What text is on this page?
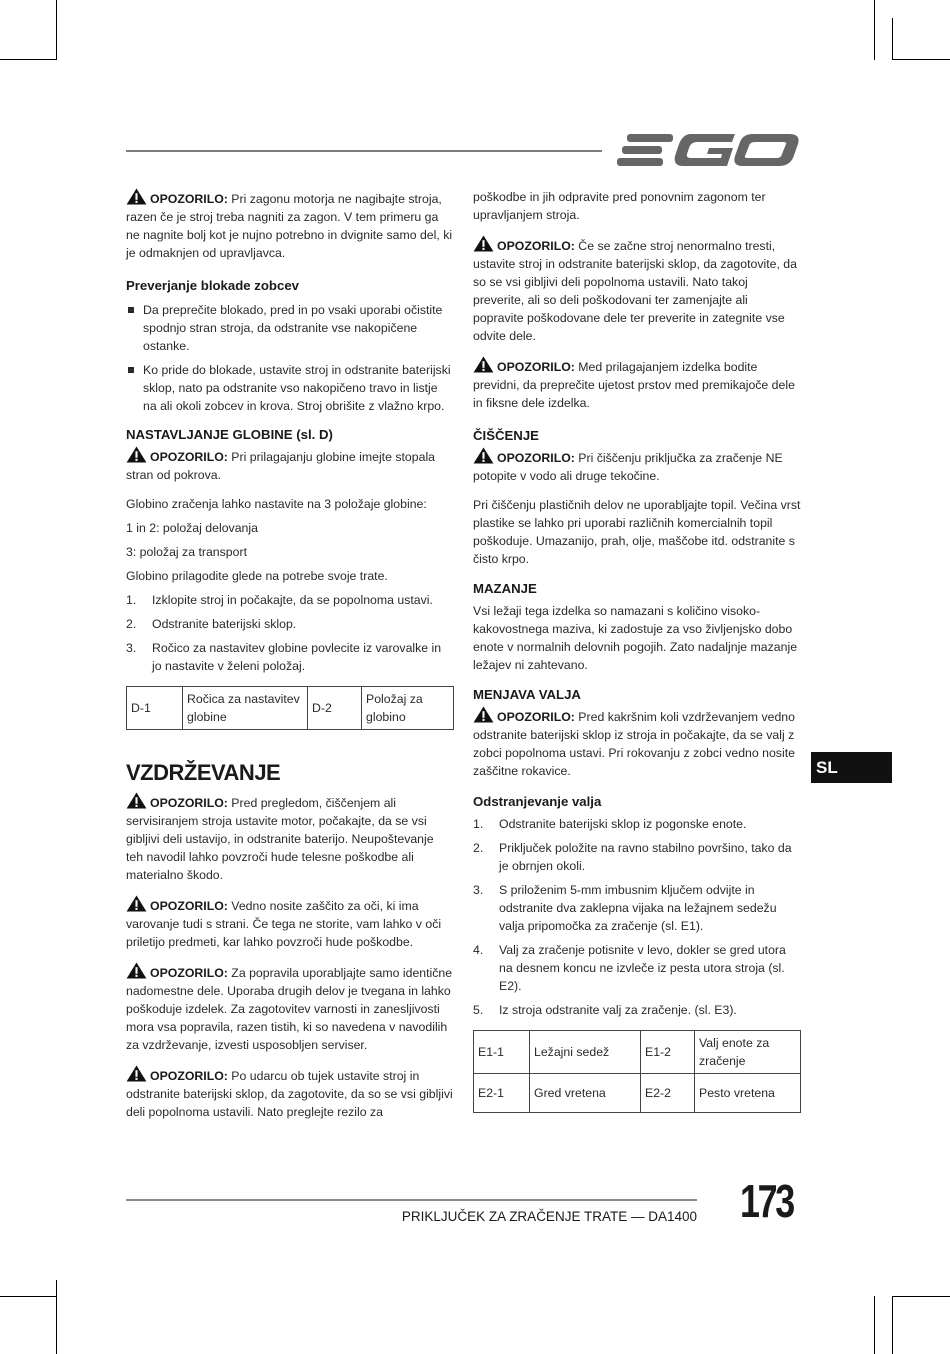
OPOZORILO: Pri zagonu motorja ne nagibajte stroja, razen če je stroj treba nagniti za zagon. V tem primeru ga ne nagnite bolj kot je nujno potrebno in dvignite samo del, ki je odmaknjen od upravljavca.

Preverjanje blokade zobcev
Da preprečite blokado, pred in po vsaki uporabi očistite spodnjo stran stroja, da odstranite vse nakopičene ostanke.
Ko pride do blokade, ustavite stroj in odstranite baterijski sklop, nato pa odstranite vso nakopičeno travo in listje na ali okoli zobcev in krova. Stroj obrišite z vlažno krpo.
NASTAVLJANJE GLOBINE (sl. D)

OPOZORILO: Pri prilagajanju globine imejte stopala stran od pokrova.

Globino zračenja lahko nastavite na 3 položaje globine:

1 in 2: položaj delovanja

3: položaj za transport

Globino prilagodite glede na potrebe svoje trate.

1. Izklopite stroj in počakajte, da se popolnoma ustavi.
2. Odstranite baterijski sklop.
3. Ročico za nastavitev globine povlecite iz varovalke in jo nastavite v želeni položaj.
D-1	Ročica za nastavitev globine	D-2	Položaj za globino
VZDRŽEVANJE

OPOZORILO: Pred pregledom, čiščenjem ali servisiranjem stroja ustavite motor, počakajte, da se vsi gibljivi deli ustavijo, in odstranite baterijo. Neupoštevanje teh navodil lahko povzroči hude telesne poškodbe ali materialno škodo.

OPOZORILO: Vedno nosite zaščito za oči, ki ima varovanje tudi s strani. Če tega ne storite, vam lahko v oči priletijo predmeti, kar lahko povzroči hude poškodbe.

OPOZORILO: Za popravila uporabljajte samo identične nadomestne dele. Uporaba drugih delov je tvegana in lahko poškoduje izdelek. Za zagotovitev varnosti in zanesljivosti mora vsa popravila, razen tistih, ki so navedena v navodilih za vzdrževanje, izvesti usposobljen serviser.

OPOZORILO: Po udarcu ob tujek ustavite stroj in odstranite baterijski sklop, da zagotovite, da so se vsi gibljivi deli popolnoma ustavili. Nato preglejte rezilo za

poškodbe in jih odpravite pred ponovnim zagonom ter upravljanjem stroja.

OPOZORILO: Če se začne stroj nenormalno tresti, ustavite stroj in odstranite baterijski sklop, da zagotovite, da so se vsi gibljivi deli popolnoma ustavili. Nato takoj preverite, ali so deli poškodovani ter zamenjajte ali popravite poškodovane dele ter preverite in zategnite vse odvite dele.

OPOZORILO: Med prilagajanjem izdelka bodite previdni, da preprečite ujetost prstov med premikajoče dele in fiksne dele izdelka.

ČIŠČENJE

OPOZORILO: Pri čiščenju priključka za zračenje NE potopite v vodo ali druge tekočine.

Pri čiščenju plastičnih delov ne uporabljajte topil. Večina vrst plastike se lahko pri uporabi različnih komercialnih topil poškoduje. Umazanijo, prah, olje, maščobe itd. odstranite s čisto krpo.

MAZANJE

Vsi ležaji tega izdelka so namazani s količino visoko-kakovostnega maziva, ki zadostuje za vso življenjsko dobo enote v normalnih delovnih pogojih. Zato nadaljnje mazanje ležajev ni zahtevano.

MENJAVA VALJA

OPOZORILO: Pred kakršnim koli vzdrževanjem vedno odstranite baterijski sklop iz stroja in počakajte, da se valj z zobci popolnoma ustavi. Pri rokovanju z zobci vedno nosite zaščitne rokavice.

Odstranjevanje valja
1. Odstranite baterijski sklop iz pogonske enote.
2. Priključek položite na ravno stabilno površino, tako da je obrnjen okoli.
3. S priloženim 5-mm imbusnim ključem odvijte in odstranite dva zaklepna vijaka na ležajnem sedežu valja pripomočka za zračenje (sl. E1).
4. Valj za zračenje potisnite v levo, dokler se gred utora na desnem koncu ne izvleče iz pesta utora stroja (sl. E2).
5. Iz stroja odstranite valj za zračenje. (sl. E3).
E1-1	Ležajni sedež	E1-2	Valj enote za zračenje
E2-1	Gred vretena	E2-2	Pesto vretena
SL
PRIKLJUČEK ZA ZRAČENJE TRATE — DA1400 173
